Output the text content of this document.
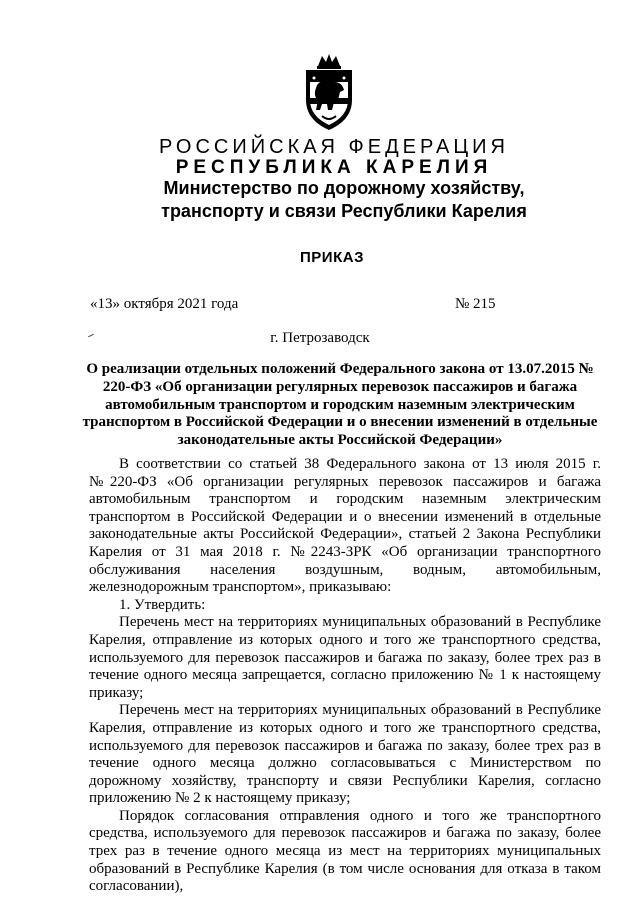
РОССИЙСКАЯ ФЕДЕРАЦИЯ
РЕСПУБЛИКА КАРЕЛИЯ
Министерство по дорожному хозяйству,
транспорту и связи Республики Карелия
ПРИКАЗ
«13» октября 2021 года	№ 215
г. Петрозаводск
О реализации отдельных положений Федерального закона от 13.07.2015 № 220-ФЗ «Об организации регулярных перевозок пассажиров и багажа автомобильным транспортом и городским наземным электрическим транспортом в Российской Федерации и о внесении изменений в отдельные законодательные акты Российской Федерации»

В соответствии со статьей 38 Федерального закона от 13 июля 2015 г. №220-ФЗ «Об организации регулярных перевозок пассажиров и багажа автомобильным транспортом и городским наземным электрическим транспортом в Российской Федерации и о внесении изменений в отдельные законодательные акты Российской Федерации», статьей 2 Закона Республики Карелия от 31 мая 2018 г. №2243-ЗРК «Об организации транспортного обслуживания населения воздушным, водным, автомобильным, железнодорожным транспортом», приказываю:

1. Утвердить:

Перечень мест на территориях муниципальных образований в Республике Карелия, отправление из которых одного и того же транспортного средства, используемого для перевозок пассажиров и багажа по заказу, более трех раз в течение одного месяца запрещается, согласно приложению № 1 к настоящему приказу;

Перечень мест на территориях муниципальных образований в Республике Карелия, отправление из которых одного и того же транспортного средства, используемого для перевозок пассажиров и багажа по заказу, более трех раз в течение одного месяца должно согласовываться с Министерством по дорожному хозяйству, транспорту и связи Республики Карелия, согласно приложению № 2 к настоящему приказу;

Порядок согласования отправления одного и того же транспортного средства, используемого для перевозок пассажиров и багажа по заказу, более трех раз в течение одного месяца из мест на территориях муниципальных образований в Республике Карелия (в том числе основания для отказа в таком согласовании),
